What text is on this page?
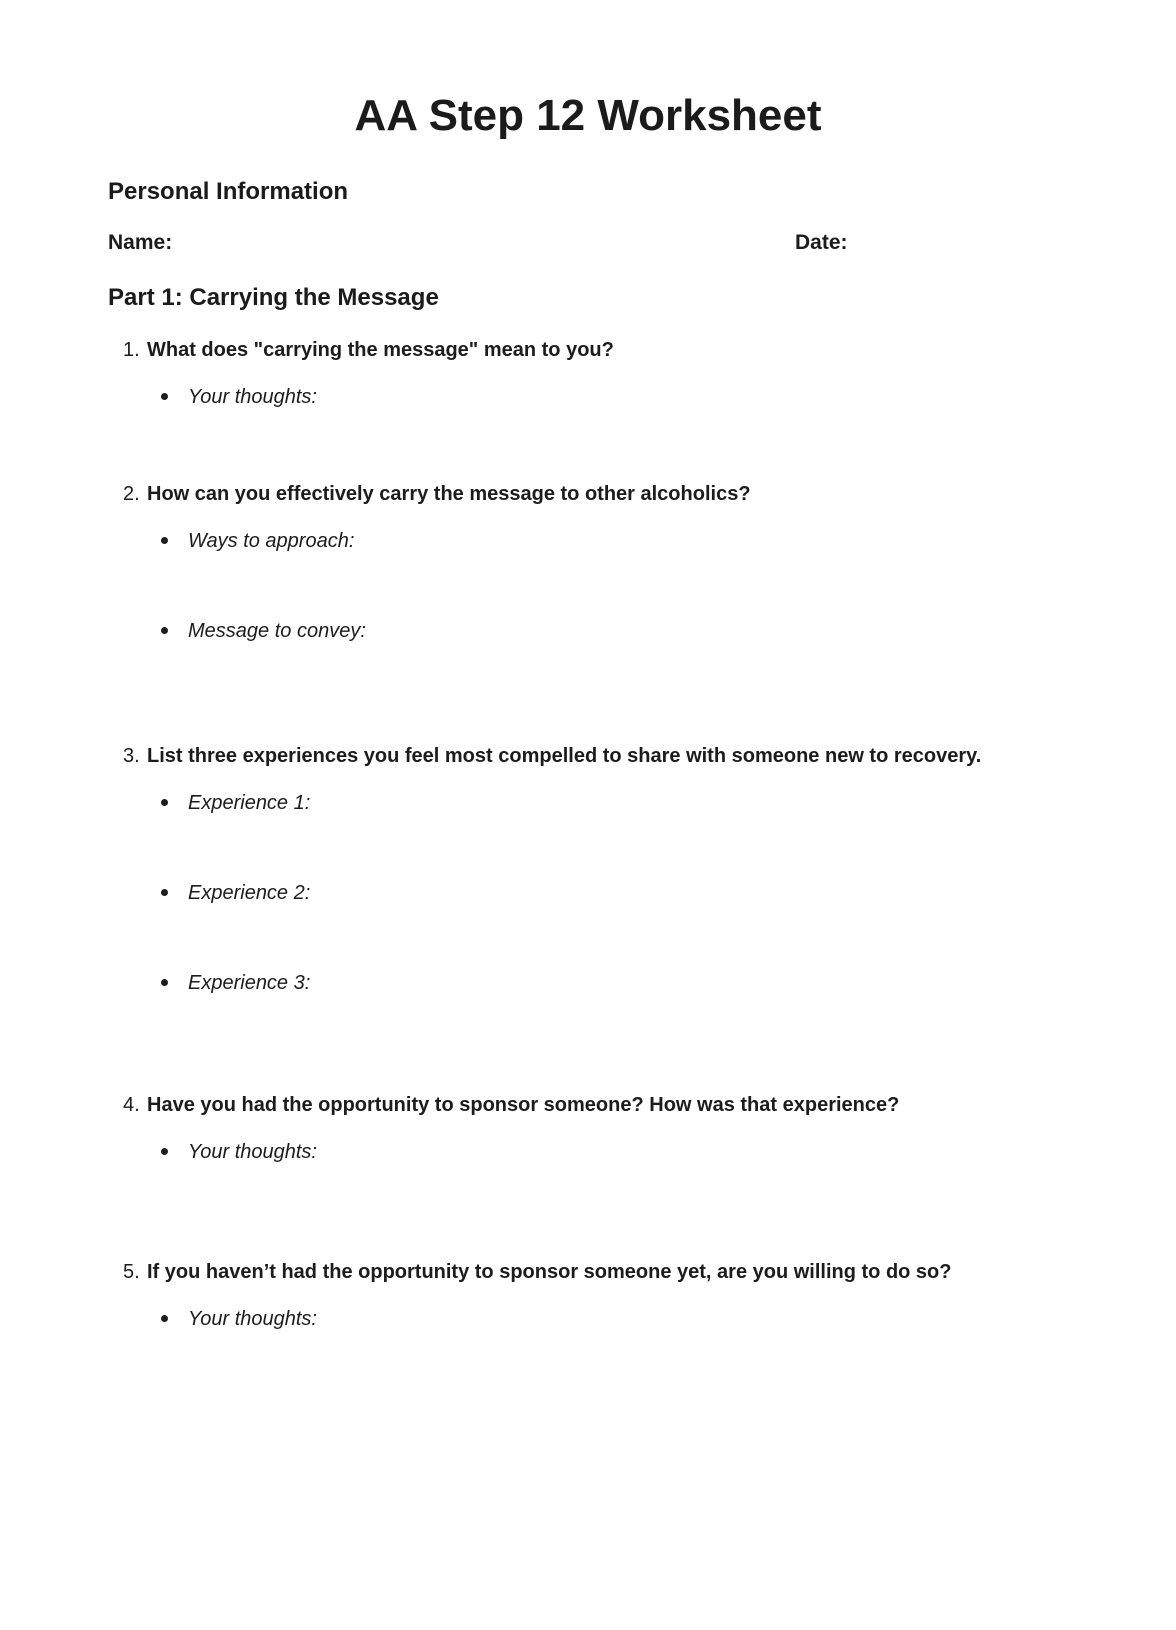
AA Step 12 Worksheet
Personal Information
Name:	Date:
Part 1: Carrying the Message
1. What does "carrying the message" mean to you?
Your thoughts:
2. How can you effectively carry the message to other alcoholics?
Ways to approach:
Message to convey:
3. List three experiences you feel most compelled to share with someone new to recovery.
Experience 1:
Experience 2:
Experience 3:
4. Have you had the opportunity to sponsor someone? How was that experience?
Your thoughts:
5. If you haven’t had the opportunity to sponsor someone yet, are you willing to do so?
Your thoughts:
